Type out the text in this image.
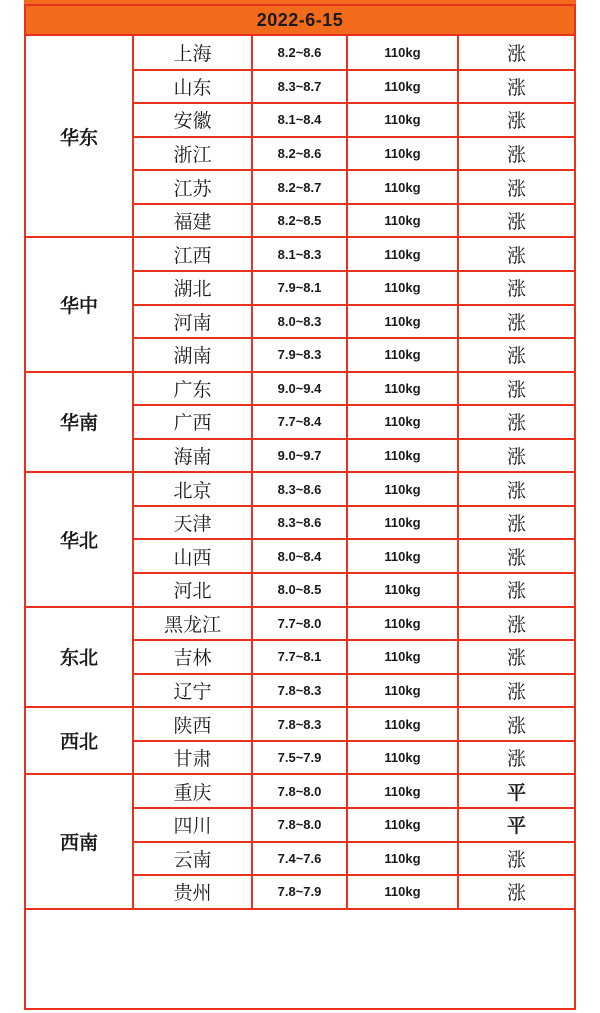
2022-6-15
华东	上海	8.2~8.6	110kg	涨
	山东	8.3~8.7	110kg	涨
	安徽	8.1~8.4	110kg	涨
	浙江	8.2~8.6	110kg	涨
	江苏	8.2~8.7	110kg	涨
	福建	8.2~8.5	110kg	涨
华中	江西	8.1~8.3	110kg	涨
	湖北	7.9~8.1	110kg	涨
	河南	8.0~8.3	110kg	涨
	湖南	7.9~8.3	110kg	涨
华南	广东	9.0~9.4	110kg	涨
	广西	7.7~8.4	110kg	涨
	海南	9.0~9.7	110kg	涨
华北	北京	8.3~8.6	110kg	涨
	天津	8.3~8.6	110kg	涨
	山西	8.0~8.4	110kg	涨
	河北	8.0~8.5	110kg	涨
东北	黑龙江	7.7~8.0	110kg	涨
	吉林	7.7~8.1	110kg	涨
	辽宁	7.8~8.3	110kg	涨
西北	陕西	7.8~8.3	110kg	涨
	甘肃	7.5~7.9	110kg	涨
西南	重庆	7.8~8.0	110kg	平
	四川	7.8~8.0	110kg	平
	云南	7.4~7.6	110kg	涨
	贵州	7.8~7.9	110kg	涨
